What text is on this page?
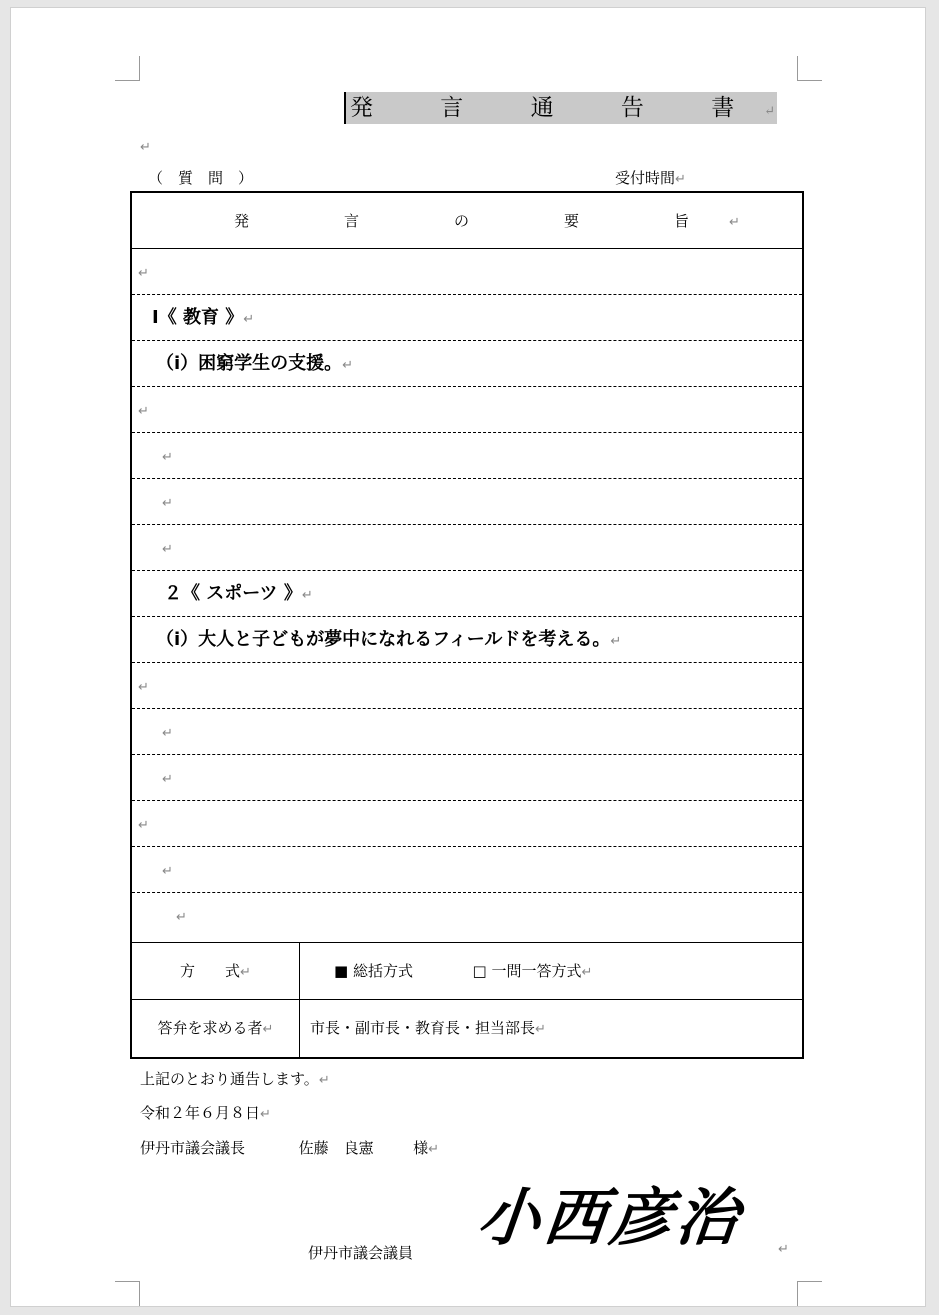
発 言 通 告 書↵
↵
（　質　問　）	受付時間↵
発　言　の　要　旨↵
↵
Ⅰ《 教育 》↵
（ⅰ）困窮学生の支援。↵
↵
↵
↵
↵
２《 スポーツ 》↵
（ⅰ）大人と子どもが夢中になれるフィールドを考える。↵
↵
↵
↵
↵
↵
↵
方　　式↵	■ 総括方式	□ 一問一答方式↵
答弁を求める者↵	市長・副市長・教育長・担当部長↵
上記のとおり通告します。↵
令和２年６月８日↵
伊丹市議会議長	佐藤　良憲	様↵
伊丹市議会議員 小西彦治 ↵
